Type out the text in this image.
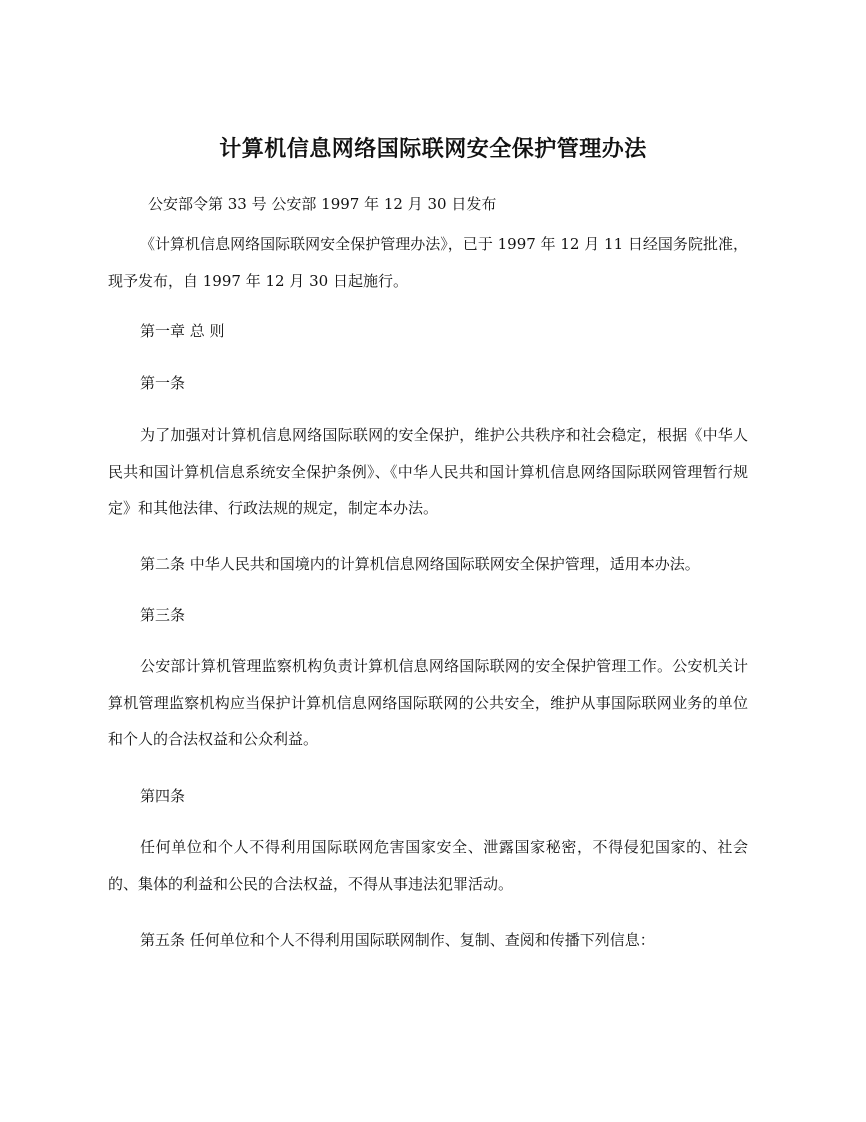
计算机信息网络国际联网安全保护管理办法

公安部令第 33 号 公安部 1997 年 12 月 30 日发布

《计算机信息网络国际联网安全保护管理办法》，已于 1997 年 12 月 11 日经国务院批准，现予发布，自 1997 年 12 月 30 日起施行。

第一章 总 则

第一条

为了加强对计算机信息网络国际联网的安全保护，维护公共秩序和社会稳定，根据《中华人民共和国计算机信息系统安全保护条例》、《中华人民共和国计算机信息网络国际联网管理暂行规定》和其他法律、行政法规的规定，制定本办法。

第二条 中华人民共和国境内的计算机信息网络国际联网安全保护管理，适用本办法。

第三条

公安部计算机管理监察机构负责计算机信息网络国际联网的安全保护管理工作。公安机关计算机管理监察机构应当保护计算机信息网络国际联网的公共安全，维护从事国际联网业务的单位和个人的合法权益和公众利益。

第四条

任何单位和个人不得利用国际联网危害国家安全、泄露国家秘密，不得侵犯国家的、社会的、集体的利益和公民的合法权益，不得从事违法犯罪活动。

第五条 任何单位和个人不得利用国际联网制作、复制、查阅和传播下列信息：
